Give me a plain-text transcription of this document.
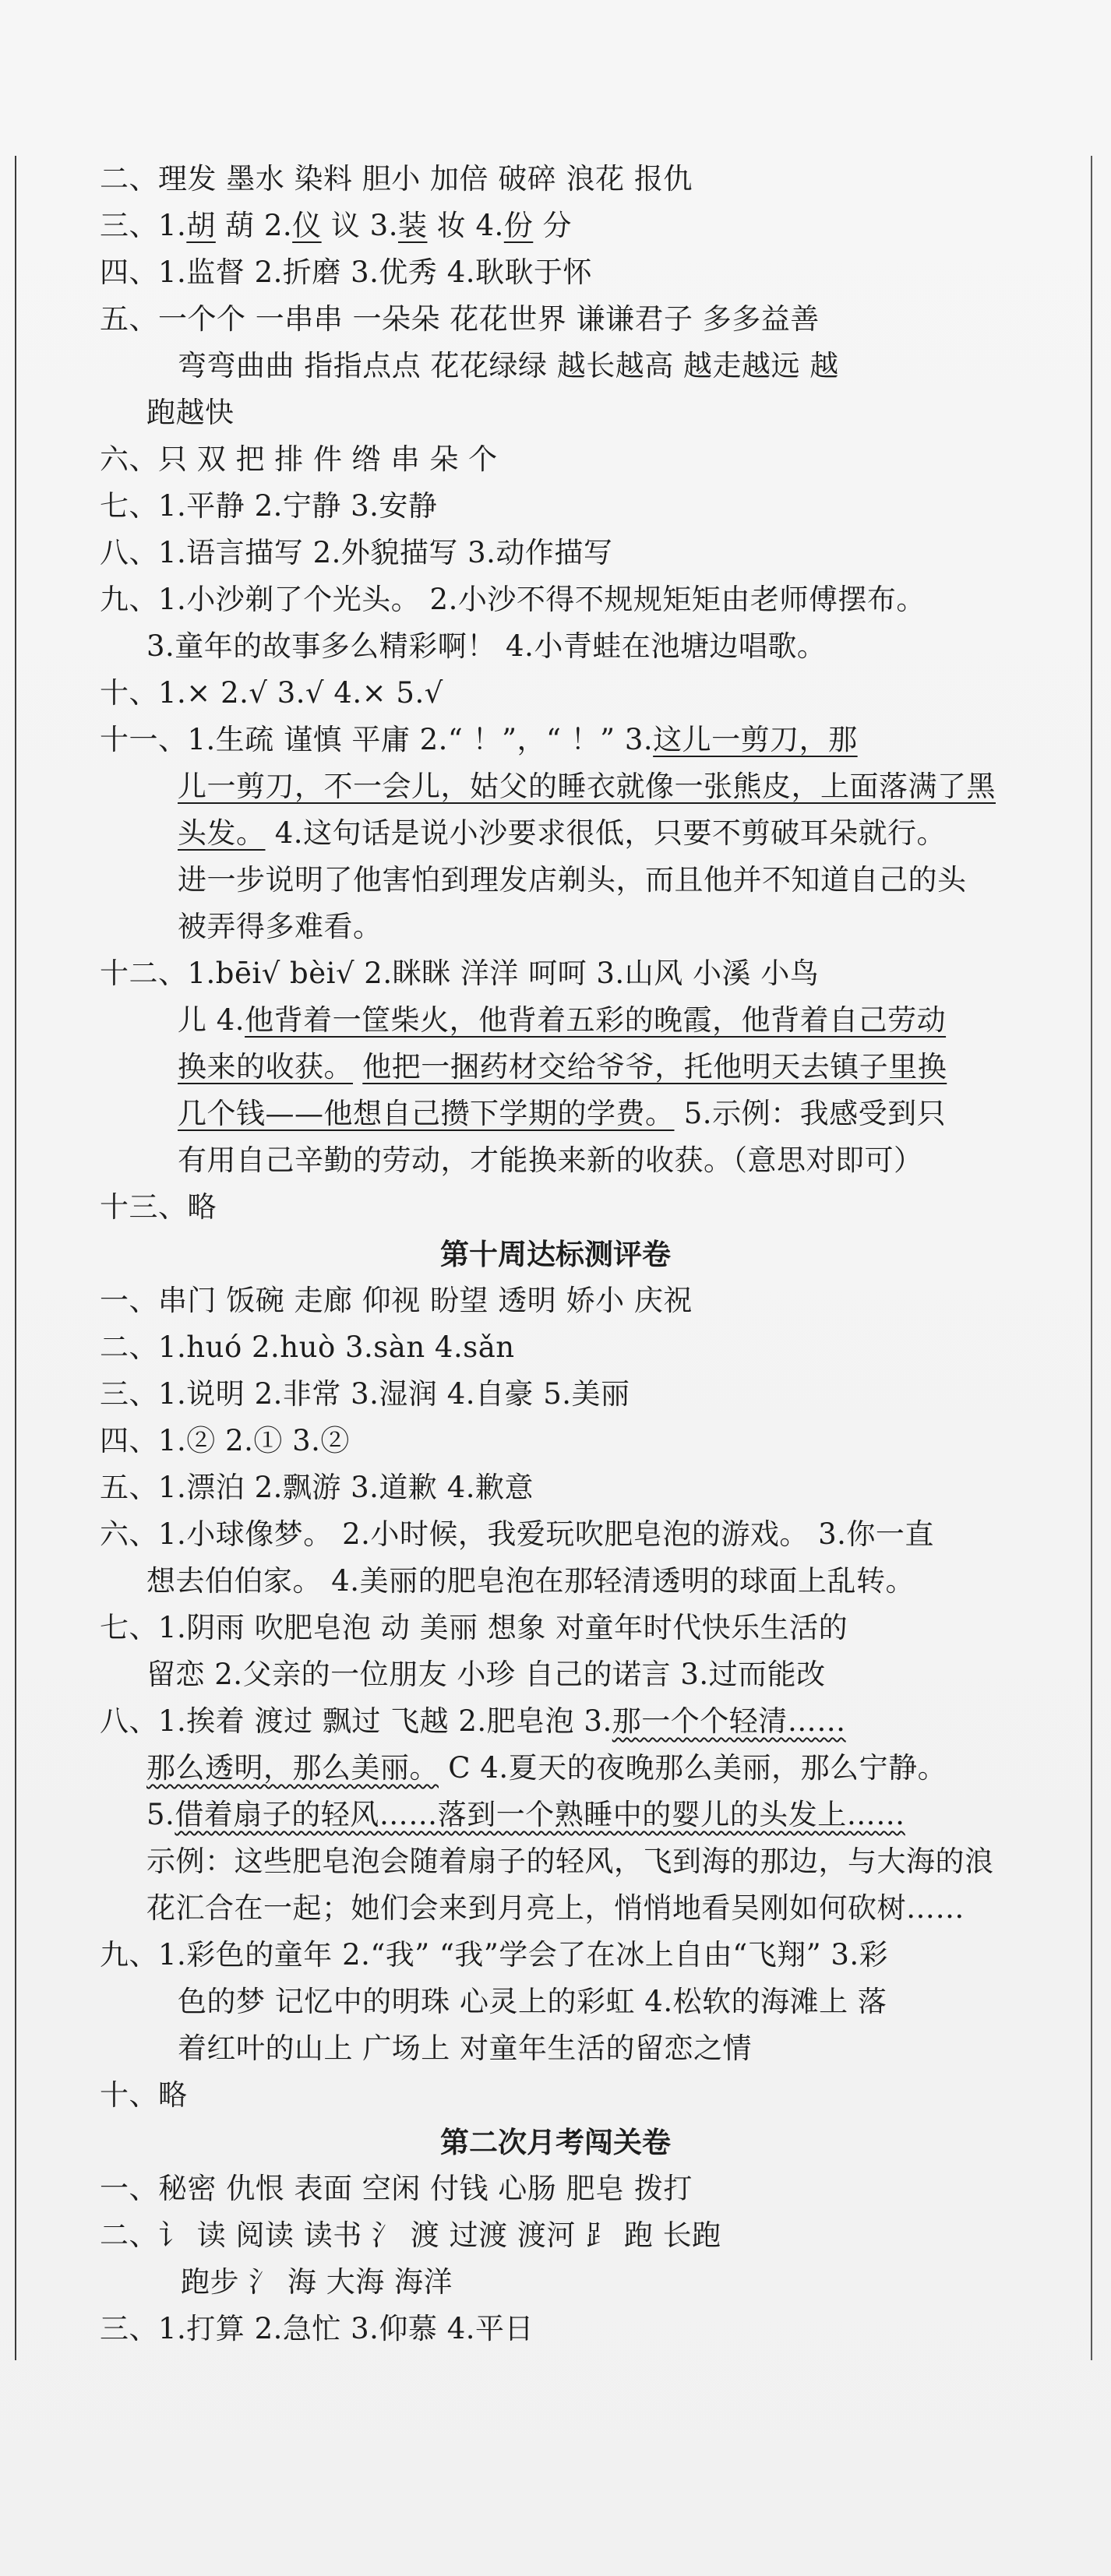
二、理发 墨水 染料 胆小 加倍 破碎 浪花 报仇
三、1.胡 葫 2.仪 议 3.装 妆 4.份 分
四、1.监督 2.折磨 3.优秀 4.耿耿于怀
五、一个个 一串串 一朵朵 花花世界 谦谦君子 多多益善
弯弯曲曲 指指点点 花花绿绿 越长越高 越走越远 越
跑越快
六、只 双 把 排 件 绺 串 朵 个
七、1.平静 2.宁静 3.安静
八、1.语言描写 2.外貌描写 3.动作描写
九、1.小沙剃了个光头。 2.小沙不得不规规矩矩由老师傅摆布。
3.童年的故事多么精彩啊！ 4.小青蛙在池塘边唱歌。
十、1.× 2.√ 3.√ 4.× 5.√
十一、1.生疏 谨慎 平庸 2.“ ！”，“ ！” 3.这儿一剪刀，那
儿一剪刀，不一会儿，姑父的睡衣就像一张熊皮，上面落满了黑
头发。 4.这句话是说小沙要求很低，只要不剪破耳朵就行。
进一步说明了他害怕到理发店剃头，而且他并不知道自己的头
被弄得多难看。
十二、1.bēi√ bèi√ 2.眯眯 洋洋 呵呵 3.山风 小溪 小鸟
儿 4.他背着一筐柴火，他背着五彩的晚霞，他背着自己劳动
换来的收获。 他把一捆药材交给爷爷，托他明天去镇子里换
几个钱——他想自己攒下学期的学费。 5.示例：我感受到只
有用自己辛勤的劳动，才能换来新的收获。（意思对即可）
十三、略
第十周达标测评卷
一、串门 饭碗 走廊 仰视 盼望 透明 娇小 庆祝
二、1.huó 2.huò 3.sàn 4.sǎn
三、1.说明 2.非常 3.湿润 4.自豪 5.美丽
四、1.② 2.① 3.②
五、1.漂泊 2.飘游 3.道歉 4.歉意
六、1.小球像梦。 2.小时候，我爱玩吹肥皂泡的游戏。 3.你一直
想去伯伯家。 4.美丽的肥皂泡在那轻清透明的球面上乱转。
七、1.阴雨 吹肥皂泡 动 美丽 想象 对童年时代快乐生活的
留恋 2.父亲的一位朋友 小珍 自己的诺言 3.过而能改
八、1.挨着 渡过 飘过 飞越 2.肥皂泡 3.那一个个轻清……
那么透明，那么美丽。 C 4.夏天的夜晚那么美丽，那么宁静。
5.借着扇子的轻风……落到一个熟睡中的婴儿的头发上……
示例：这些肥皂泡会随着扇子的轻风，飞到海的那边，与大海的浪
花汇合在一起；她们会来到月亮上，悄悄地看吴刚如何砍树……
九、1.彩色的童年 2.“我” “我”学会了在冰上自由“飞翔” 3.彩
色的梦 记忆中的明珠 心灵上的彩虹 4.松软的海滩上 落
着红叶的山上 广场上 对童年生活的留恋之情
十、略
第二次月考闯关卷
一、秘密 仇恨 表面 空闲 付钱 心肠 肥皂 拨打
二、讠 读 阅读 读书 氵 渡 过渡 渡河 ⻊ 跑 长跑
跑步 氵 海 大海 海洋
三、1.打算 2.急忙 3.仰慕 4.平日
